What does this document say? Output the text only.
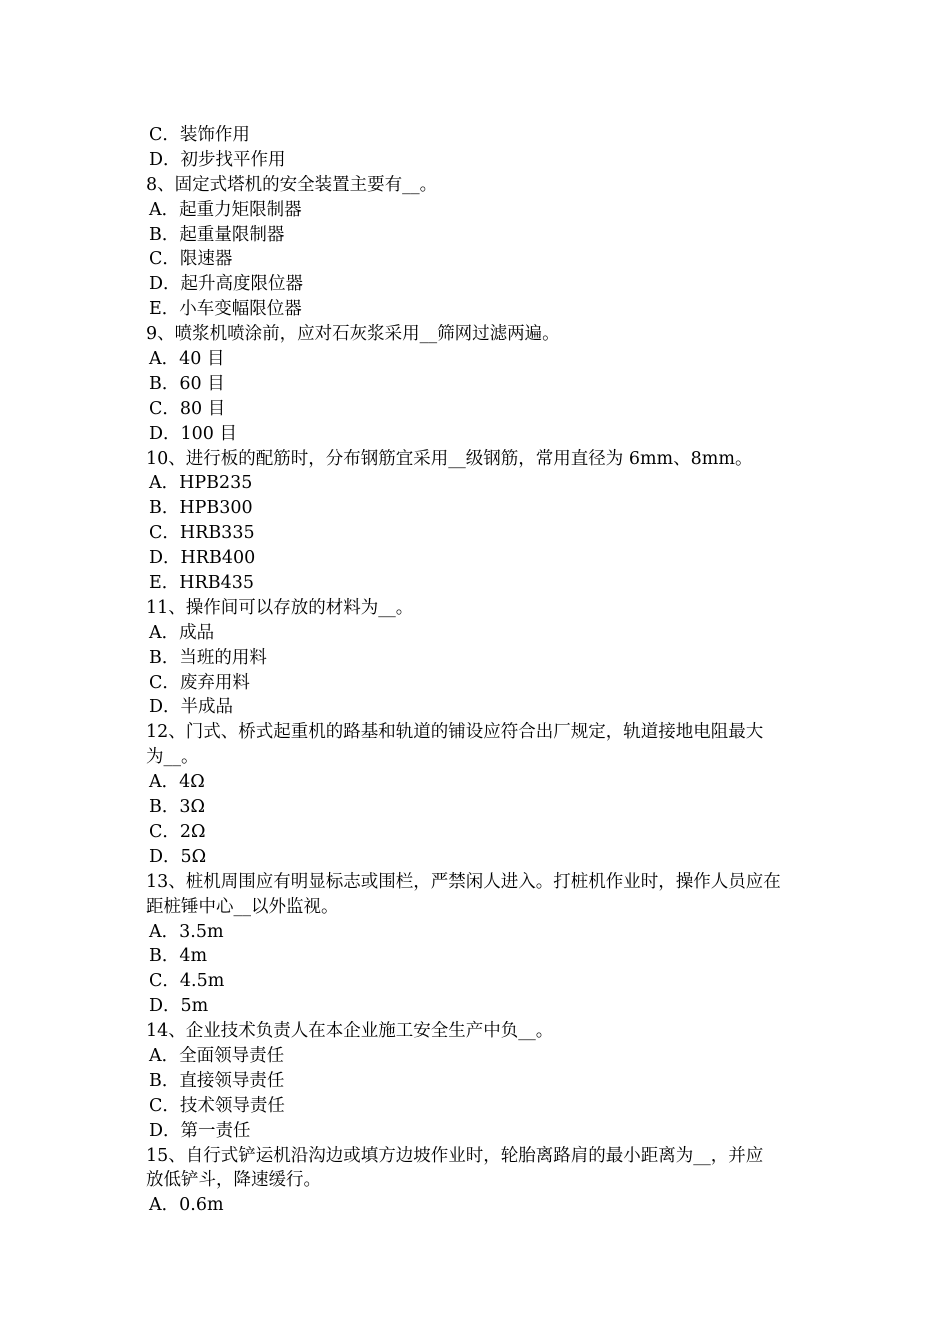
C．装饰作用
D．初步找平作用
8、固定式塔机的安全装置主要有__。
A．起重力矩限制器
B．起重量限制器
C．限速器
D．起升高度限位器
E．小车变幅限位器
9、喷浆机喷涂前，应对石灰浆采用__筛网过滤两遍。
A．40 目
B．60 目
C．80 目
D．100 目
10、进行板的配筋时，分布钢筋宜采用__级钢筋，常用直径为 6mm、8mm。
A．HPB235
B．HPB300
C．HRB335
D．HRB400
E．HRB435
11、操作间可以存放的材料为__。
A．成品
B．当班的用料
C．废弃用料
D．半成品
12、门式、桥式起重机的路基和轨道的铺设应符合出厂规定，轨道接地电阻最大
为__。
A．4Ω
B．3Ω
C．2Ω
D．5Ω
13、桩机周围应有明显标志或围栏，严禁闲人进入。打桩机作业时，操作人员应在
距桩锤中心__以外监视。
A．3.5m
B．4m
C．4.5m
D．5m
14、企业技术负责人在本企业施工安全生产中负__。
A．全面领导责任
B．直接领导责任
C．技术领导责任
D．第一责任
15、自行式铲运机沿沟边或填方边坡作业时，轮胎离路肩的最小距离为__，并应
放低铲斗，降速缓行。
A．0.6m
